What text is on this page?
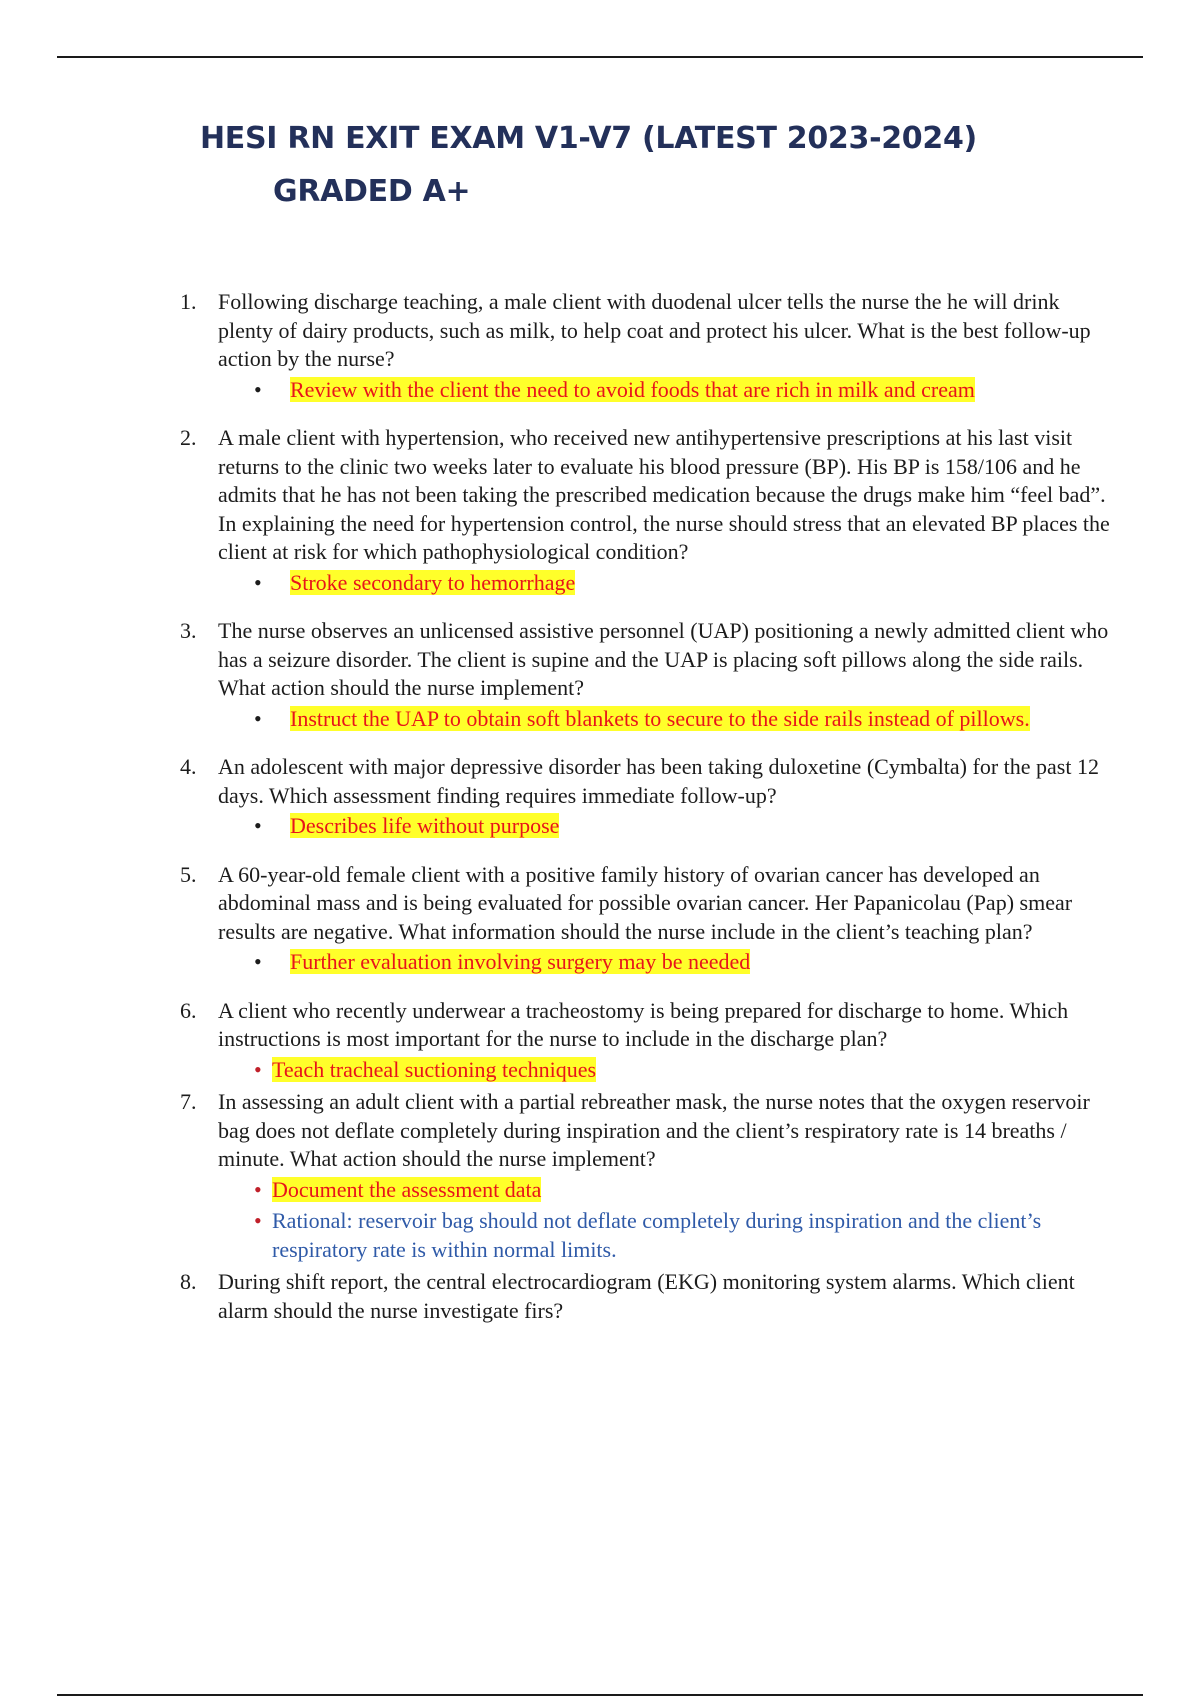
HESI RN EXIT EXAM V1-V7 (LATEST 2023-2024)
GRADED A+
1. Following discharge teaching, a male client with duodenal ulcer tells the nurse the he will drink plenty of dairy products, such as milk, to help coat and protect his ulcer. What is the best follow-up action by the nurse?
• Review with the client the need to avoid foods that are rich in milk and cream
2. A male client with hypertension, who received new antihypertensive prescriptions at his last visit returns to the clinic two weeks later to evaluate his blood pressure (BP). His BP is 158/106 and he admits that he has not been taking the prescribed medication because the drugs make him “feel bad”. In explaining the need for hypertension control, the nurse should stress that an elevated BP places the client at risk for which pathophysiological condition?
• Stroke secondary to hemorrhage
3. The nurse observes an unlicensed assistive personnel (UAP) positioning a newly admitted client who has a seizure disorder. The client is supine and the UAP is placing soft pillows along the side rails. What action should the nurse implement?
• Instruct the UAP to obtain soft blankets to secure to the side rails instead of pillows.
4. An adolescent with major depressive disorder has been taking duloxetine (Cymbalta) for the past 12 days. Which assessment finding requires immediate follow-up?
• Describes life without purpose
5. A 60-year-old female client with a positive family history of ovarian cancer has developed an abdominal mass and is being evaluated for possible ovarian cancer. Her Papanicolau (Pap) smear results are negative. What information should the nurse include in the client’s teaching plan?
• Further evaluation involving surgery may be needed
6. A client who recently underwear a tracheostomy is being prepared for discharge to home. Which instructions is most important for the nurse to include in the discharge plan?
• Teach tracheal suctioning techniques
7. In assessing an adult client with a partial rebreather mask, the nurse notes that the oxygen reservoir bag does not deflate completely during inspiration and the client’s respiratory rate is 14 breaths / minute. What action should the nurse implement?
• Document the assessment data
• Rational: reservoir bag should not deflate completely during inspiration and the client’s respiratory rate is within normal limits.
8. During shift report, the central electrocardiogram (EKG) monitoring system alarms. Which client alarm should the nurse investigate firs?
